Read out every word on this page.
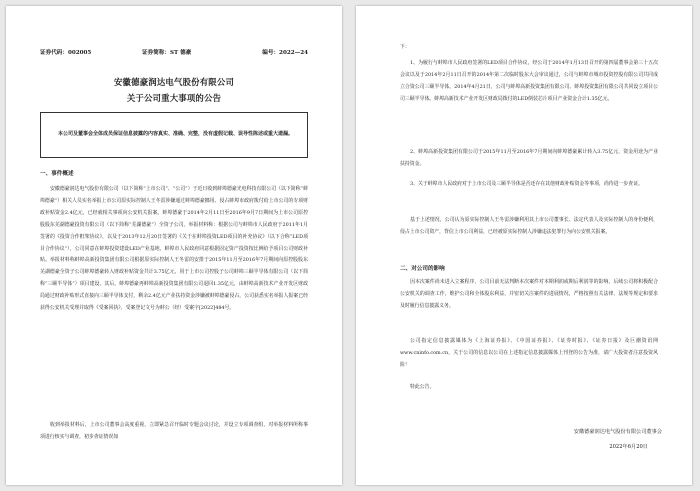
证券代码：002005	证券简称：ST 德豪	编号：2022—24
安徽德豪润达电气股份有限公司
关于公司重大事项的公告

本公司及董事会全体成员保证信息披露的内容真实、准确、完整，没有虚假记载、误导性陈述或重大遗漏。

一、事件概述

安徽德豪润达电气股份有限公司（以下简称“上市公司”、“公司”）于近日收到蚌埠德豪光电科技有限公司（以下简称“蚌埠德豪”）相关人员实名举报上市公司原实际控制人王冬雷涉嫌通过蚌埠德豪挪用、侵占蚌埠市政府拨付给上市公司的专项财政补贴资金2.4亿元，已经就相关事项向公安机关报案。蚌埠德豪于2014年2月11日至2016年9月7日期间为上市公司原控股股东芜湖德豪投资有限公司（以下简称“芜湖德豪”）全资子公司。举报材料称：根据公司与蚌埠市人民政府于2011年1月签署的《投资合作框架协议》，以及于2013年12月20日签署的《关于在蚌埠投资LED项目的补充协议》（以下合称“LED项目合作协议”），公司同意在蚌埠投资建设LED产业基地，蚌埠市人民政府同意根据固定资产投资按比例给予项目公司财政补贴。举报材料称蚌埠高新投资集团有限公司根据原实际控制人王冬雷的安排于2015年11月至2016年7月期间向原控股股东芜湖德豪全资子公司蚌埠德豪转入财政补贴资金共计3.75亿元，用于上市公司控股子公司蚌埠三颐半导体有限公司（以下简称“三颐半导体”）项目建设，其后，蚌埠德豪再蚌埠高新投资集团有限公司退回1.35亿元，由蚌埠高新技术产业开发区财政局通过财政补贴形式直接向三颐半导体支付，剩余2.4亿元产业扶持资金涉嫌被蚌埠德豪侵占，公司获悉实名举报人报案已经获得公安机关受理并取得《受案回执》，受案登记文号为蚌公（经）受案字[2022]484号。

收到举报材料后，上市公司董事会高度重视，立即紧急召开临时专题会议讨论，并设立专项调查组，对举报材料所称事项进行核实与调查，初步查证情况如

下：

1、为履行与蚌埠市人民政府签署的LED项目合作协议，经公司于2014年1月13日召开的第四届董事会第三十五次会议以及于2014年2月11日召开的2014年第二次临时股东大会审议通过，公司与蚌埠市城市投资控股有限公司共同成立合资公司三颐半导体。2014年4月21日，公司与蚌埠高新投资集团有限公司、蚌埠投资集团有限公司共同设立项目公司三颐半导体。蚌埠高新技术产业开发区财政局拨付的LED倒装芯片项目产业资金合计1.35亿元。

2、蚌埠高新投资集团有限公司于2015年11月至2016年7月期间向蚌埠德豪累计转入3.75亿元，资金用途为产业扶持资金。

3、关于蚌埠市人民政府对于上市公司及三颐半导体是否还存在其他财政补贴资金等事项，尚待进一步查证。

基于上述情况，公司认为原实际控制人王冬雷涉嫌利用其上市公司董事长、法定代表人及实际控制人的身份便利，侵占上市公司资产，背信上市公司利益，已经被原实际控制人涉嫌违法犯罪行为向公安机关报案。

二、对公司的影响

因本次案件尚未进入立案程序，公司目前无法判断本次案件对本期利润或期后利润等的影响。后续公司将积极配合公安机关的调查工作，维护公司和全体股东利益，并密切关注案件的进展情况，严格按照有关法律、法规等规定和要求及时履行信息披露义务。

公司指定信息披露媒体为《上海证券报》、《中国证券报》、《证券时报》、《证券日报》及巨潮资讯网www.cninfo.com.cn，关于公司的信息以公司在上述指定信息披露媒体上刊登的公告为准，请广大投资者注意投资风险！

特此公告。

安徽德豪润达电气股份有限公司董事会
2022年6月20日
